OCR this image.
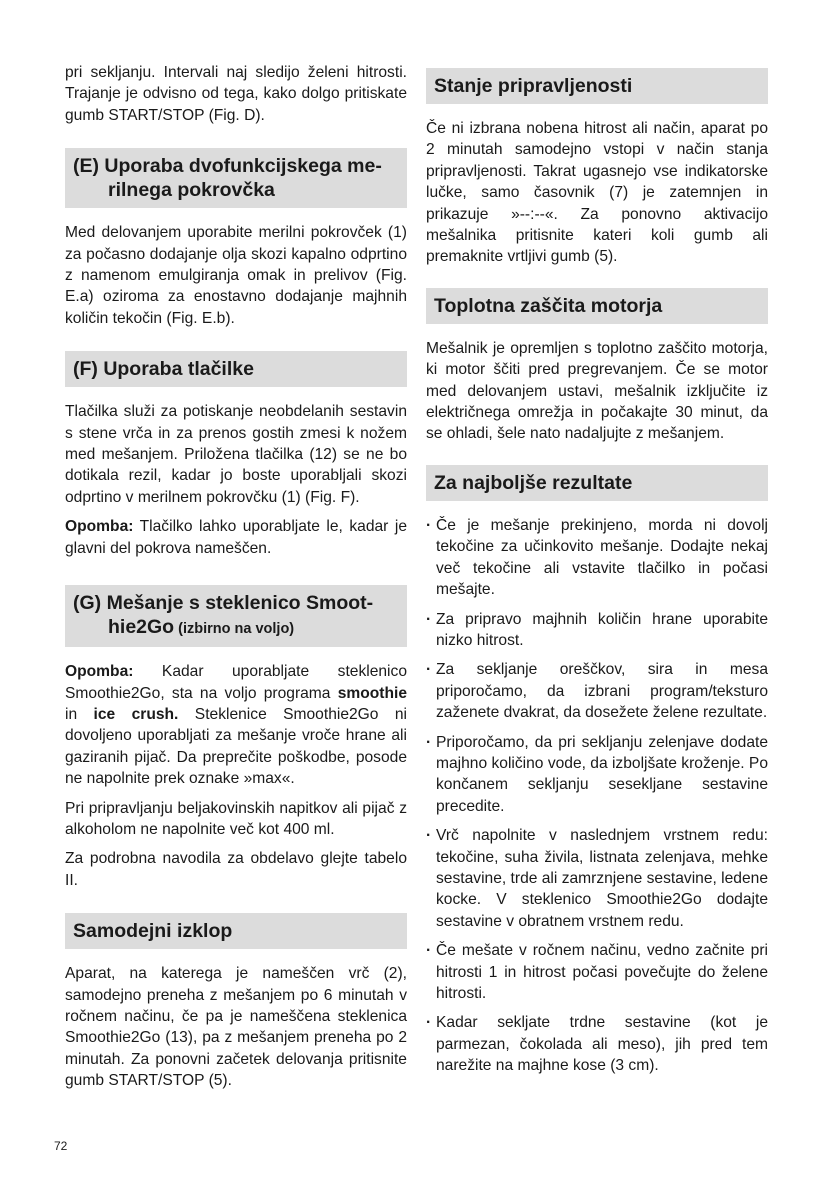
pri sekljanju. Intervali naj sledijo želeni hitrosti. Trajanje je odvisno od tega, kako dolgo pritiskate gumb START/STOP (Fig. D).

(E) Uporaba dvofunkcijskega me-
rilnega pokrovčka

Med delovanjem uporabite merilni pokrovček (1) za počasno dodajanje olja skozi kapalno odprtino z namenom emulgiranja omak in prelivov (Fig. E.a) oziroma za enostavno dodajanje majhnih količin tekočin (Fig. E.b).

(F) Uporaba tlačilke

Tlačilka služi za potiskanje neobdelanih sestavin s stene vrča in za prenos gostih zmesi k nožem med mešanjem. Priložena tlačilka (12) se ne bo dotikala rezil, kadar jo boste uporabljali skozi odprtino v merilnem pokrovčku (1) (Fig. F).

Opomba: Tlačilko lahko uporabljate le, kadar je glavni del pokrova nameščen.

(G) Mešanje s steklenico Smoot-
hie2Go (izbirno na voljo)

Opomba: Kadar uporabljate steklenico Smoothie2Go, sta na voljo programa smoothie in ice crush. Steklenice Smoothie2Go ni dovoljeno uporabljati za mešanje vroče hrane ali gaziranih pijač. Da preprečite poškodbe, posode ne napolnite prek oznake »max«.

Pri pripravljanju beljakovinskih napitkov ali pijač z alkoholom ne napolnite več kot 400 ml.

Za podrobna navodila za obdelavo glejte tabelo II.

Samodejni izklop

Aparat, na katerega je nameščen vrč (2), samodejno preneha z mešanjem po 6 minutah v ročnem načinu, če pa je nameščena steklenica Smoothie2Go (13), pa z mešanjem preneha po 2 minutah. Za ponovni začetek delovanja pritisnite gumb START/STOP (5).

Stanje pripravljenosti

Če ni izbrana nobena hitrost ali način, aparat po 2 minutah samodejno vstopi v način stanja pripravljenosti. Takrat ugasnejo vse indikatorske lučke, samo časovnik (7) je zatemnjen in prikazuje »--:--«. Za ponovno aktivacijo mešalnika pritisnite kateri koli gumb ali premaknite vrtljivi gumb (5).

Toplotna zaščita motorja

Mešalnik je opremljen s toplotno zaščito motorja, ki motor ščiti pred pregrevanjem. Če se motor med delovanjem ustavi, mešalnik izključite iz električnega omrežja in počakajte 30 minut, da se ohladi, šele nato nadaljujte z mešanjem.

Za najboljše rezultate
· Če je mešanje prekinjeno, morda ni dovolj tekočine za učinkovito mešanje. Dodajte nekaj več tekočine ali vstavite tlačilko in počasi mešajte.
· Za pripravo majhnih količin hrane uporabite nizko hitrost.
· Za sekljanje oreščkov, sira in mesa priporočamo, da izbrani program/teksturo zaženete dvakrat, da dosežete želene rezultate.
· Priporočamo, da pri sekljanju zelenjave dodate majhno količino vode, da izboljšate kroženje. Po končanem sekljanju sesekljane sestavine precedite.
· Vrč napolnite v naslednjem vrstnem redu: tekočine, suha živila, listnata zelenjava, mehke sestavine, trde ali zamrznjene sestavine, ledene kocke. V steklenico Smoothie2Go dodajte sestavine v obratnem vrstnem redu.
· Če mešate v ročnem načinu, vedno začnite pri hitrosti 1 in hitrost počasi povečujte do želene hitrosti.
· Kadar sekljate trdne sestavine (kot je parmezan, čokolada ali meso), jih pred tem narežite na majhne kose (3 cm).
72
